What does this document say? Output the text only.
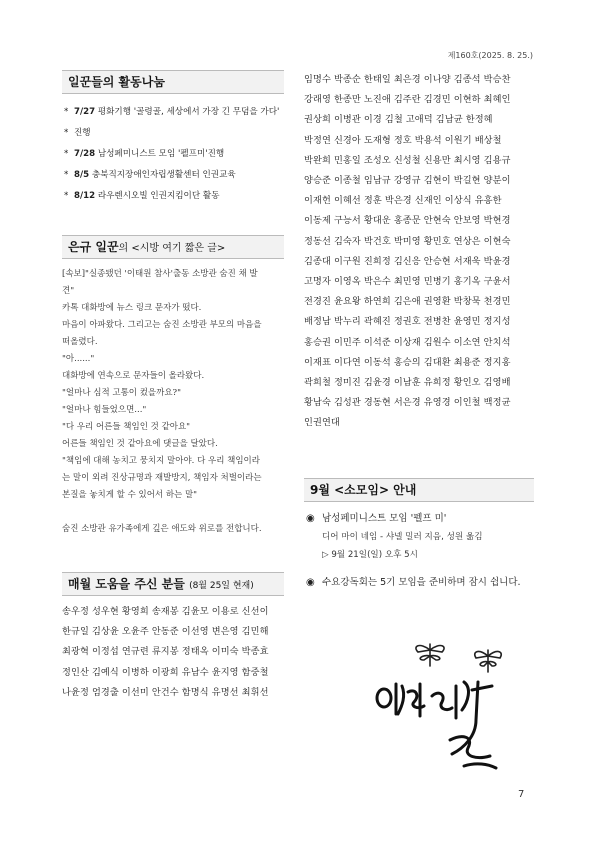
제160호(2025. 8. 25.)
일꾼들의 활동나눔
* 7/27 평화기행 '골령골, 세상에서 가장 긴 무덤을 가다'
* 진행
* 7/28 남성페미니스트 모임 '펠프미'진행
* 8/5 충북직지장애인자립생활센터 인권교육
* 8/12 라우렌시오빌 인권지킴이단 활동
은규 일꾼의 <시방 여기 짧은 글>

[속보]"실종됐던 '이태원 참사'출동 소방관 숨진 채 발

견"

카톡 대화방에 뉴스 링크 문자가 떴다.

마음이 아파왔다. 그리고는 숨진 소방관 부모의 마음을

떠올렸다.

"아......"

대화방에 연속으로 문자들이 올라왔다.

"얼마나 심적 고통이 컸을까요?"

"얼마나 힘들었으면..."

"다 우리 어른들 책임인 것 같아요"

어른들 책임인 것 같아요에 댓글을 달았다.

"책임에 대해 농치고 뭉치지 말아야. 다 우리 책임이라

는 말이 외려 진상규명과 재발방지, 책임자 처벌이라는

본질을 놓치게 할 수 있어서 하는 말"

숨진 소방관 유가족에게 깊은 애도와 위로를 전합니다.

매월 도움을 주신 분들 (8월 25일 현재)
송우정 성우현 황영희 송재봉 김윤모 이용로 신선이
한규일 김상윤 오윤주 안동준 이선영 변은영 김민해
최광혁 이정섭 연규련 류지봉 정태옥 이미숙 박종효
정인산 김예식 이병하 이광희 유남수 윤지영 함중철
나윤정 엄경출 이선미 안건수 함명식 유명선 최휘선
임명수 박종순 한태일 최은경 이나양 김종석 박승찬
강래영 한종만 노진애 김주란 김경민 이현하 최혜인
권상희 이병관 이경 김철 고애덕 김남균 한정혜
박정연 신경아 도재형 정호 박용석 이원기 배상철
박완희 민홍일 조성오 신성철 신용만 최시영 김용규
양승준 이종철 임남규 강영규 김현이 박길현 양분이
이재헌 이혜선 정훈 박은경 신재인 이상식 유흥한
이동제 구능서 황대운 홍종문 안현숙 안보영 박현경
정동선 김숙자 박건호 박미영 황민호 연상은 이현숙
김종대 이구원 진희정 김신응 안승현 서재욱 박윤경
고명자 이영옥 박은수 최민영 민병기 홍기옥 구윤서
전경진 윤요왕 하연희 김은애 권영환 박창묵 천경민
배정남 박누리 곽혜진 정권호 전병찬 윤영민 정지성
홍승권 이민주 이석준 이상재 김원수 이소연 안치석
이재표 이다연 이동석 홍승의 김대환 최용준 정지홍
곽희철 정미진 김윤경 이남훈 유희정 황인오 김영배
황남숙 김성관 경동현 서은경 유영경 이인철 백정균
인권연대
9월 <소모임> 안내
◉ 남성페미니스트 모임 '펠프 미'
디어 마이 네임 - 샤넬 밀러 지음, 성원 옮김
▷ 9월 21일(일) 오후 5시
◉ 수요강독회는 5기 모임을 준비하며 잠시 쉽니다.
7
